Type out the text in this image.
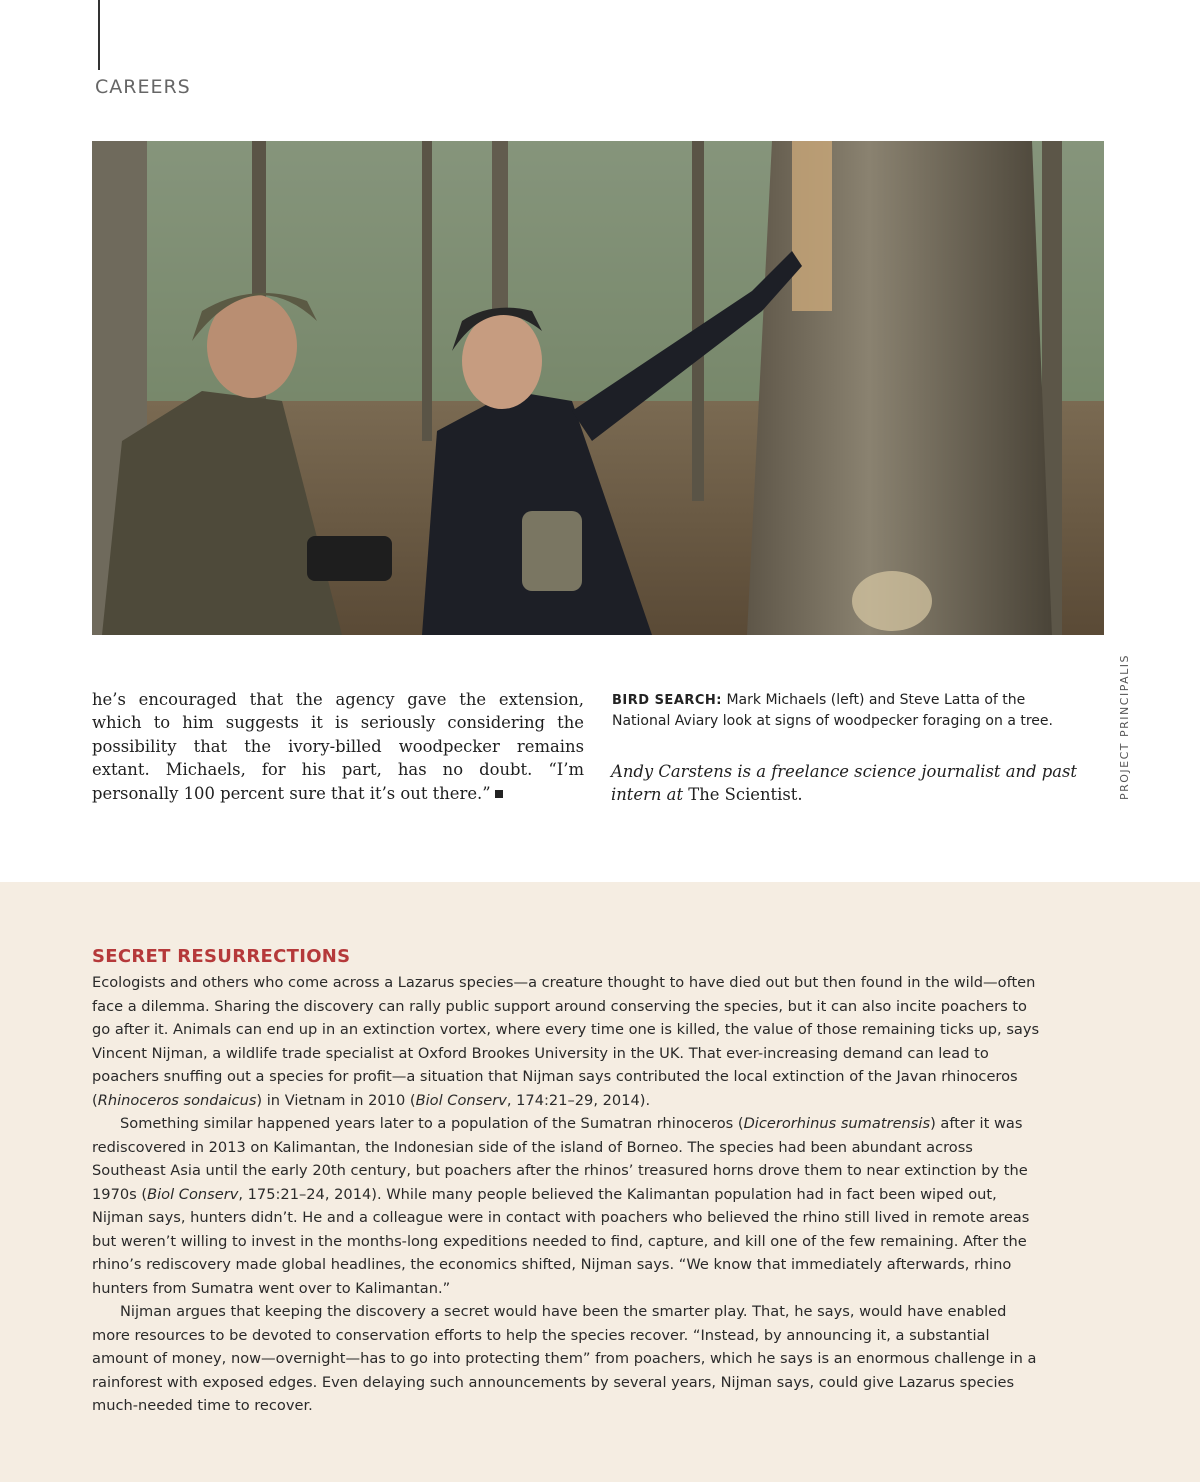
CAREERS
PROJECT PRINCIPALIS
he’s encouraged that the agency gave the extension, which to him suggests it is seriously considering the possibility that the ivory-billed woodpecker remains extant. Michaels, for his part, has no doubt. “I’m personally 100 percent sure that it’s out there.”
BIRD SEARCH: Mark Michaels (left) and Steve Latta of the National Aviary look at signs of woodpecker foraging on a tree.
Andy Carstens is a freelance science journalist and past intern at The Scientist.
SECRET RESURRECTIONS

Ecologists and others who come across a Lazarus species—a creature thought to have died out but then found in the wild—often face a dilemma. Sharing the discovery can rally public support around conserving the species, but it can also incite poachers to go after it. Animals can end up in an extinction vortex, where every time one is killed, the value of those remaining ticks up, says Vincent Nijman, a wildlife trade specialist at Oxford Brookes University in the UK. That ever-increasing demand can lead to poachers snuffing out a species for profit—a situation that Nijman says contributed the local extinction of the Javan rhinoceros (Rhinoceros sondaicus) in Vietnam in 2010 (Biol Conserv, 174:21–29, 2014).

Something similar happened years later to a population of the Sumatran rhinoceros (Dicerorhinus sumatrensis) after it was rediscovered in 2013 on Kalimantan, the Indonesian side of the island of Borneo. The species had been abundant across Southeast Asia until the early 20th century, but poachers after the rhinos’ treasured horns drove them to near extinction by the 1970s (Biol Conserv, 175:21–24, 2014). While many people believed the Kalimantan population had in fact been wiped out, Nijman says, hunters didn’t. He and a colleague were in contact with poachers who believed the rhino still lived in remote areas but weren’t willing to invest in the months-long expeditions needed to find, capture, and kill one of the few remaining. After the rhino’s rediscovery made global headlines, the economics shifted, Nijman says. “We know that immediately afterwards, rhino hunters from Sumatra went over to Kalimantan.”

Nijman argues that keeping the discovery a secret would have been the smarter play. That, he says, would have enabled more resources to be devoted to conservation efforts to help the species recover. “Instead, by announcing it, a substantial amount of money, now—overnight—has to go into protecting them” from poachers, which he says is an enormous challenge in a rainforest with exposed edges. Even delaying such announcements by several years, Nijman says, could give Lazarus species much-needed time to recover.
